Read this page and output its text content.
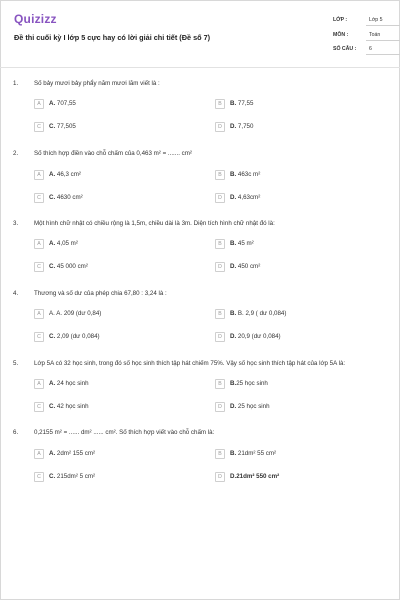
Quizizz
Đề thi cuối kỳ I lớp 5 cực hay có lời giải chi tiết (Đề số 7)
LỚP :	Lớp 5
MÔN :	Toán
SỐ CÂU :	6
1.	Số bảy mươi bảy phẩy năm mươi lăm viết là :
A	A. 707,55	B	B. 77,55
C	C. 77,505	D	D. 7,750
2.	Số thích hợp điền vào chỗ chấm của 0,463 m² = ....... cm²
A	A. 46,3 cm²	B	B. 463c m²
C	C. 4630 cm²	D	D. 4,63cm²
3.	Một hình chữ nhật có chiều rộng là 1,5m, chiều dài là 3m. Diện tích hình chữ nhật đó là:
A	A. 4,05 m²	B	B. 45 m²
C	C. 45 000 cm²	D	D. 450 cm²
4.	Thương và số dư của phép chia 67,80 : 3,24 là :
A	A. A. 209 (dư 0,84)	B	B. B. 2,9 ( dư 0,084)
C	C. 2,09 (dư 0,084)	D	D. 20,9 (dư 0,084)
5.	Lớp 5A có 32 học sinh, trong đó số học sinh thích tập hát chiếm 75%. Vậy số học sinh thích tập hát của lớp 5A là:
A	A. 24 học sinh	B	B.25 học sinh
C	C. 42 học sinh	D	D. 25 học sinh
6.	0,2155 m² = ...... dm² ...... cm². Số thích hợp viết vào chỗ chấm là:
A	A. 2dm² 155 cm²	B	B. 21dm² 55 cm²
C	C. 215dm² 5 cm²	D	D.21dm² 550 cm²
